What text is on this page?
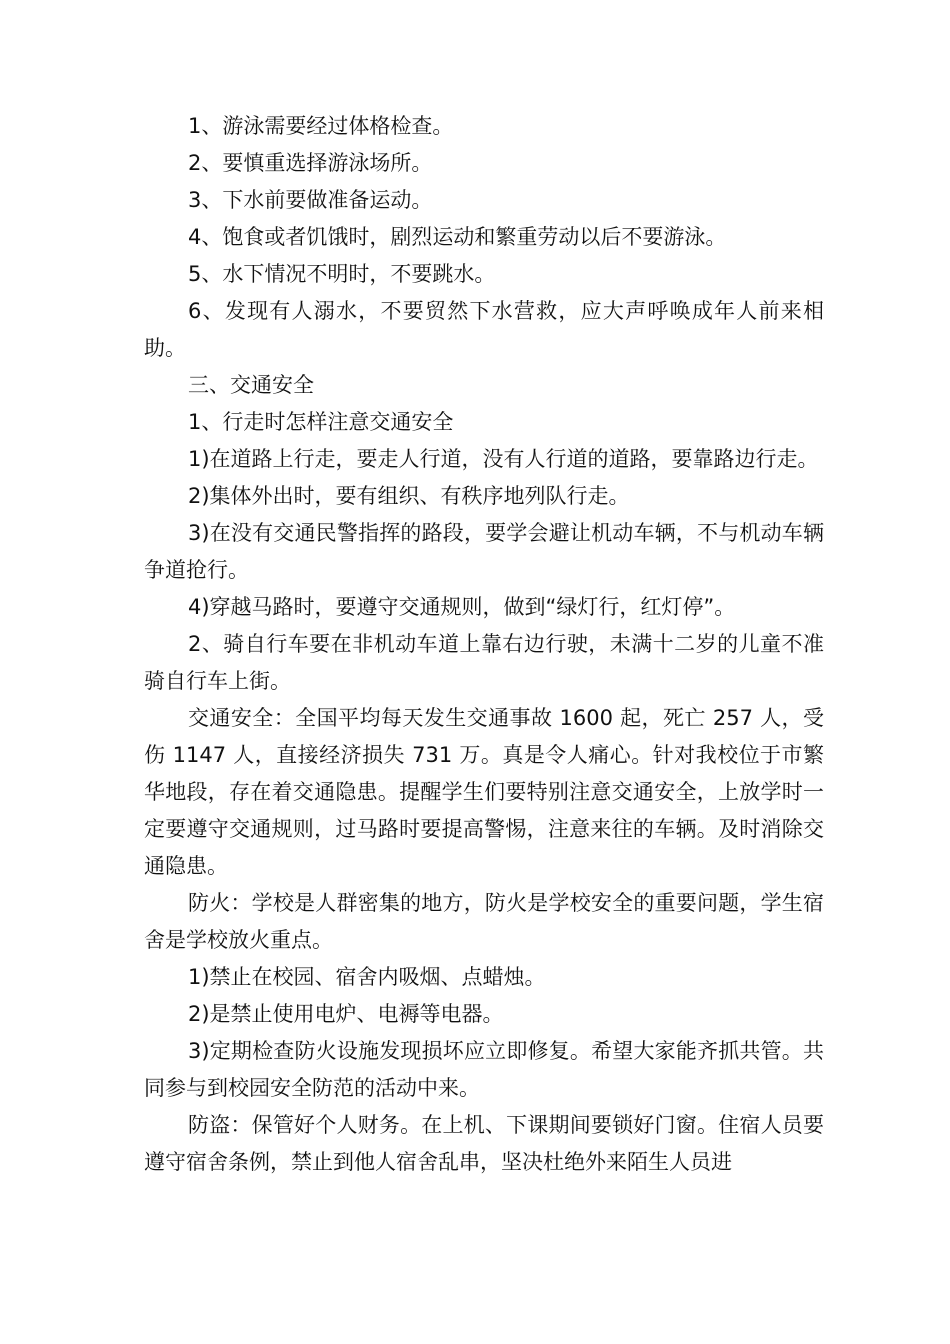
1、游泳需要经过体格检查。

2、要慎重选择游泳场所。

3、下水前要做准备运动。

4、饱食或者饥饿时，剧烈运动和繁重劳动以后不要游泳。

5、水下情况不明时，不要跳水。

6、发现有人溺水，不要贸然下水营救，应大声呼唤成年人前来相助。

三、交通安全

1、行走时怎样注意交通安全

1)在道路上行走，要走人行道，没有人行道的道路，要靠路边行走。

2)集体外出时，要有组织、有秩序地列队行走。

3)在没有交通民警指挥的路段，要学会避让机动车辆，不与机动车辆争道抢行。

4)穿越马路时，要遵守交通规则，做到“绿灯行，红灯停”。

2、骑自行车要在非机动车道上靠右边行驶，未满十二岁的儿童不准骑自行车上街。

交通安全：全国平均每天发生交通事故 1600 起，死亡 257 人，受伤 1147 人，直接经济损失 731 万。真是令人痛心。针对我校位于市繁华地段，存在着交通隐患。提醒学生们要特别注意交通安全，上放学时一定要遵守交通规则，过马路时要提高警惕，注意来往的车辆。及时消除交通隐患。

防火：学校是人群密集的地方，防火是学校安全的重要问题，学生宿舍是学校放火重点。

1)禁止在校园、宿舍内吸烟、点蜡烛。

2)是禁止使用电炉、电褥等电器。

3)定期检查防火设施发现损坏应立即修复。希望大家能齐抓共管。共同参与到校园安全防范的活动中来。

防盗：保管好个人财务。在上机、下课期间要锁好门窗。住宿人员要遵守宿舍条例，禁止到他人宿舍乱串，坚决杜绝外来陌生人员进
